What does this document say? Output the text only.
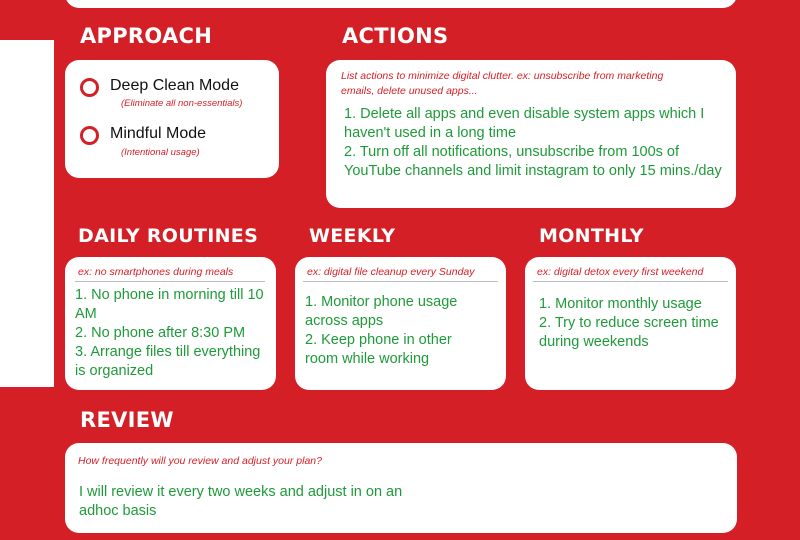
APPROACH
Deep Clean Mode
(Eliminate all non-essentials)
Mindful Mode
(Intentional usage)
ACTIONS
List actions to minimize digital clutter. ex: unsubscribe from marketing
emails, delete unused apps...

1. Delete all apps and even disable system apps which I haven't used in a long time

2. Turn off all notifications, unsubscribe from 100s of YouTube channels and limit instagram to only 15 mins./day

DAILY ROUTINES
ex: no smartphones during meals

1. No phone in morning till 10 AM

2. No phone after 8:30 PM

3. Arrange files till everything is organized

WEEKLY
ex: digital file cleanup every Sunday

1. Monitor phone usage across apps

2. Keep phone in other room while working

MONTHLY
ex: digital detox every first weekend

1. Monitor monthly usage

2. Try to reduce screen time during weekends

REVIEW
How frequently will you review and adjust your plan?
I will review it every two weeks and adjust in on an adhoc basis
